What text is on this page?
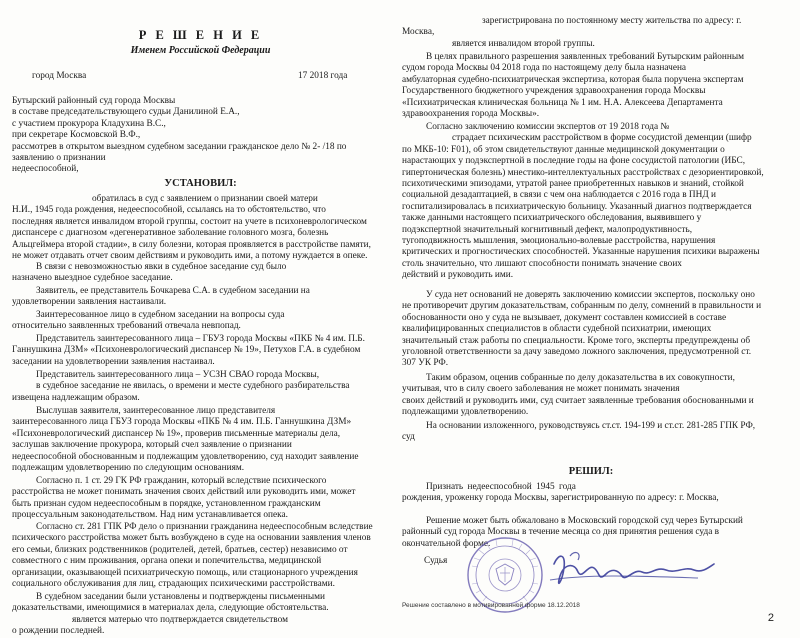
Р Е Ш Е Н И Е
Именем Российской Федерации
город Москва	17 2018 года

Бутырский районный суд города Москвы

в составе председательствующего судьи Данилиной Е.А.,

с участием прокурора Кладухина В.С.,

при секретаре Космовской В.Ф.,

рассмотрев в открытом выездном судебном заседании гражданское дело № 2- /18 по

заявлению о признании

недееспособной,

УСТАНОВИЛ:

обратилась в суд с заявлением о признании своей матери

Н.И., 1945 года рождения, недееспособной, ссылаясь на то обстоятельство, что

последняя является инвалидом второй группы, состоит на учете в психоневрологическом

диспансере с диагнозом «дегенеративное заболевание головного мозга, болезнь

Альцгеймера второй стадии», в силу болезни, которая проявляется в расстройстве памяти,

не может отдавать отчет своим действиям и руководить ими, а потому нуждается в опеке.

В связи с невозможностью явки в судебное заседание суд было

назначено выездное судебное заседание.

Заявитель, ее представитель Бочкарева С.А. в судебном заседании на

удовлетворении заявления настаивали.

Заинтересованное лицо в судебном заседании на вопросы суда

относительно заявленных требований отвечала невпопад.

Представитель заинтересованного лица – ГБУЗ города Москвы «ПКБ № 4 им. П.Б.

Ганнушкина ДЗМ» «Психоневрологический диспансер № 19», Петухов Г.А. в судебном

заседании на удовлетворении заявления настаивал.

Представитель заинтересованного лица – УСЗН СВАО города Москвы,

в судебное заседание не явилась, о времени и месте судебного разбирательства

извещена надлежащим образом.

Выслушав заявителя, заинтересованное лицо представителя

заинтересованного лица ГБУЗ города Москвы «ПКБ № 4 им. П.Б. Ганнушкина ДЗМ»

«Психоневрологический диспансер № 19», проверив письменные материалы дела,

заслушав заключение прокурора, который счел заявление о признании

недееспособной обоснованным и подлежащим удовлетворению, суд находит заявление

подлежащим удовлетворению по следующим основаниям.

Согласно п. 1 ст. 29 ГК РФ гражданин, который вследствие психического

расстройства не может понимать значения своих действий или руководить ими, может

быть признан судом недееспособным в порядке, установленном гражданским

процессуальным законодательством. Над ним устанавливается опека.

Согласно ст. 281 ГПК РФ дело о признании гражданина недееспособным вследствие

психического расстройства может быть возбуждено в суде на основании заявления членов

его семьи, близких родственников (родителей, детей, братьев, сестер) независимо от

совместного с ним проживания, органа опеки и попечительства, медицинской

организации, оказывающей психиатрическую помощь, или стационарного учреждения

социального обслуживания для лиц, страдающих психическими расстройствами.

В судебном заседании были установлены и подтверждены письменными

доказательствами, имеющимися в материалах дела, следующие обстоятельства.

является матерью что подтверждается свидетельством

о рождении последней.

зарегистрирована по постоянному месту жительства по адресу: г.

Москва,

является инвалидом второй группы.

В целях правильного разрешения заявленных требований Бутырским районным

судом города Москвы 04 2018 года по настоящему делу была назначена

амбулаторная судебно-психиатрическая экспертиза, которая была поручена экспертам

Государственного бюджетного учреждения здравоохранения города Москвы

«Психиатрическая клиническая больница № 1 им. Н.А. Алексеева Департамента

здравоохранения города Москвы».

Согласно заключению комиссии экспертов от 19 2018 года №

страдает психическим расстройством в форме сосудистой деменции (шифр

по МКБ-10: F01), об этом свидетельствуют данные медицинской документации о

нарастающих у подэкспертной в последние годы на фоне сосудистой патологии (ИБС,

гипертоническая болезнь) мнестико-интеллектуальных расстройствах с дезориентировкой,

психотическими эпизодами, утратой ранее приобретенных навыков и знаний, стойкой

социальной дезадаптацией, в связи с чем она наблюдается с 2016 года в ПНД и

госпитализировалась в психиатрическую больницу. Указанный диагноз подтверждается

также данными настоящего психиатрического обследования, выявившего у

подэкспертной значительный когнитивный дефект, малопродуктивность,

тугоподвижность мышления, эмоционально-волевые расстройства, нарушения

критических и прогностических способностей. Указанные нарушения психики выражены

столь значительно, что лишают способности понимать значение своих

действий и руководить ими.

У суда нет оснований не доверять заключению комиссии экспертов, поскольку оно

не противоречит другим доказательствам, собранным по делу, сомнений в правильности и

обоснованности оно у суда не вызывает, документ составлен комиссией в составе

квалифицированных специалистов в области судебной психиатрии, имеющих

значительный стаж работы по специальности. Кроме того, эксперты предупреждены об

уголовной ответственности за дачу заведомо ложного заключения, предусмотренной ст.

307 УК РФ.

Таким образом, оценив собранные по делу доказательства в их совокупности,

учитывая, что в силу своего заболевания не может понимать значения

своих действий и руководить ими, суд считает заявленные требования обоснованными и

подлежащими удовлетворению.

На основании изложенного, руководствуясь ст.ст. 194-199 и ст.ст. 281-285 ГПК РФ,

суд

РЕШИЛ:

Признать недееспособной 1945 года

рождения, уроженку города Москвы, зарегистрированную по адресу: г. Москва,

Решение может быть обжаловано в Московский городской суд через Бутырский

районный суд города Москвы в течение месяца со дня принятия решения суда в

окончательной форме.

Судья
Решение составлено в мотивированной форме 18.12.2018
2
